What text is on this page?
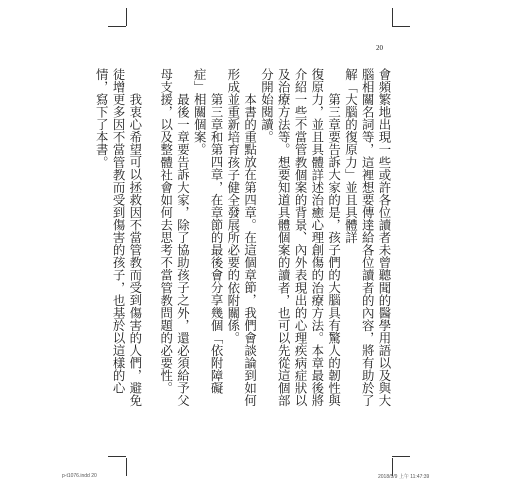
20

會頻繁地出現一些或許各位讀者未曾聽聞的醫學用語以及與大腦相關名詞等，這裡想要傳達給各位讀者的內容，將有助於了解「大腦的復原力」並且具體詳

第三章要告訴大家的是，孩子們的大腦具有驚人的韌性與復原力，並且具體詳述治癒心理創傷的治療方法。本章最後將介紹一些不當管教個案的背景、內外表現出的心理疾病症狀以及治療方法等。想要知道具體個案的讀者，也可以先從這個部分開始閱讀。

本書的重點放在第四章。在這個章節，我們會談論到如何形成並重新培育孩子健全發展所必要的依附關係。

第三章和第四章，在章節的最後會分享幾個「依附障礙症」相關個案。

最後一章要告訴大家，除了協助孩子之外，還必須給予父母支援，以及整體社會如何去思考不當管教問題的必要性。

我衷心希望可以拯救因不當管教而受到傷害的人們，避免徒增更多因不當管教而受到傷害的孩子，也基於以這樣的心情，寫下了本書。

p-t1076.indd 20	2018/5/9 上午 11:47:39
